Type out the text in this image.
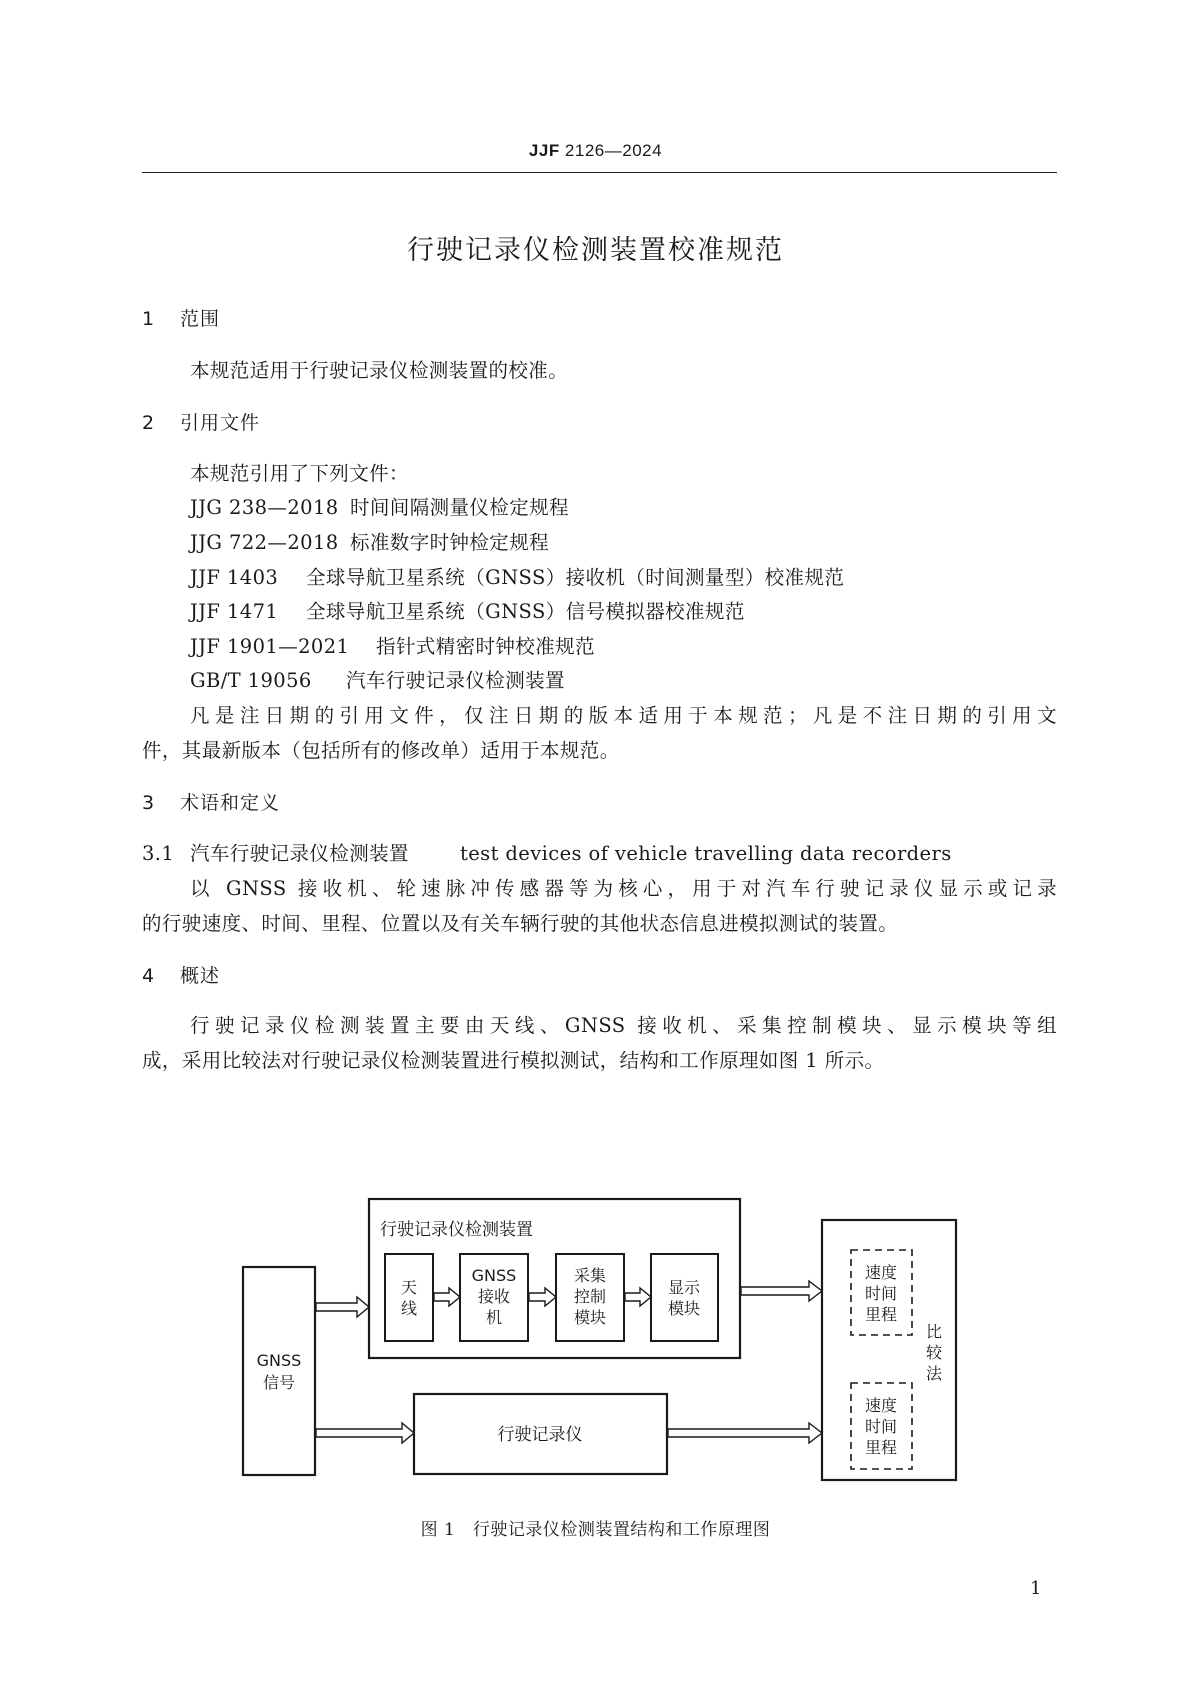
JJF 2126—2024
行驶记录仪检测装置校准规范
1 范围
本规范适用于行驶记录仪检测装置的校准。
2 引用文件
本规范引用了下列文件：
JJG 238—2018 时间间隔测量仪检定规程
JJG 722—2018 标准数字时钟检定规程
JJF 1403 全球导航卫星系统（GNSS）接收机（时间测量型）校准规范
JJF 1471 全球导航卫星系统（GNSS）信号模拟器校准规范
JJF 1901—2021 指针式精密时钟校准规范
GB/T 19056 汽车行驶记录仪检测装置
凡是注日期的引用文件，仅注日期的版本适用于本规范；凡是不注日期的引用文
件，其最新版本（包括所有的修改单）适用于本规范。
3 术语和定义
3.1 汽车行驶记录仪检测装置	test devices of vehicle travelling data recorders
以 GNSS 接收机、轮速脉冲传感器等为核心，用于对汽车行驶记录仪显示或记录
的行驶速度、时间、里程、位置以及有关车辆行驶的其他状态信息进模拟测试的装置。
4 概述
行驶记录仪检测装置主要由天线、GNSS 接收机、采集控制模块、显示模块等组
成，采用比较法对行驶记录仪检测装置进行模拟测试，结构和工作原理如图 1 所示。
行驶记录仪检测装置
天
线
GNSS
接收
机
采集
控制
模块
显示
模块
GNSS
信号
行驶记录仪
速度
时间
里程
速度
时间
里程
比
较
法
图 1　行驶记录仪检测装置结构和工作原理图
1
